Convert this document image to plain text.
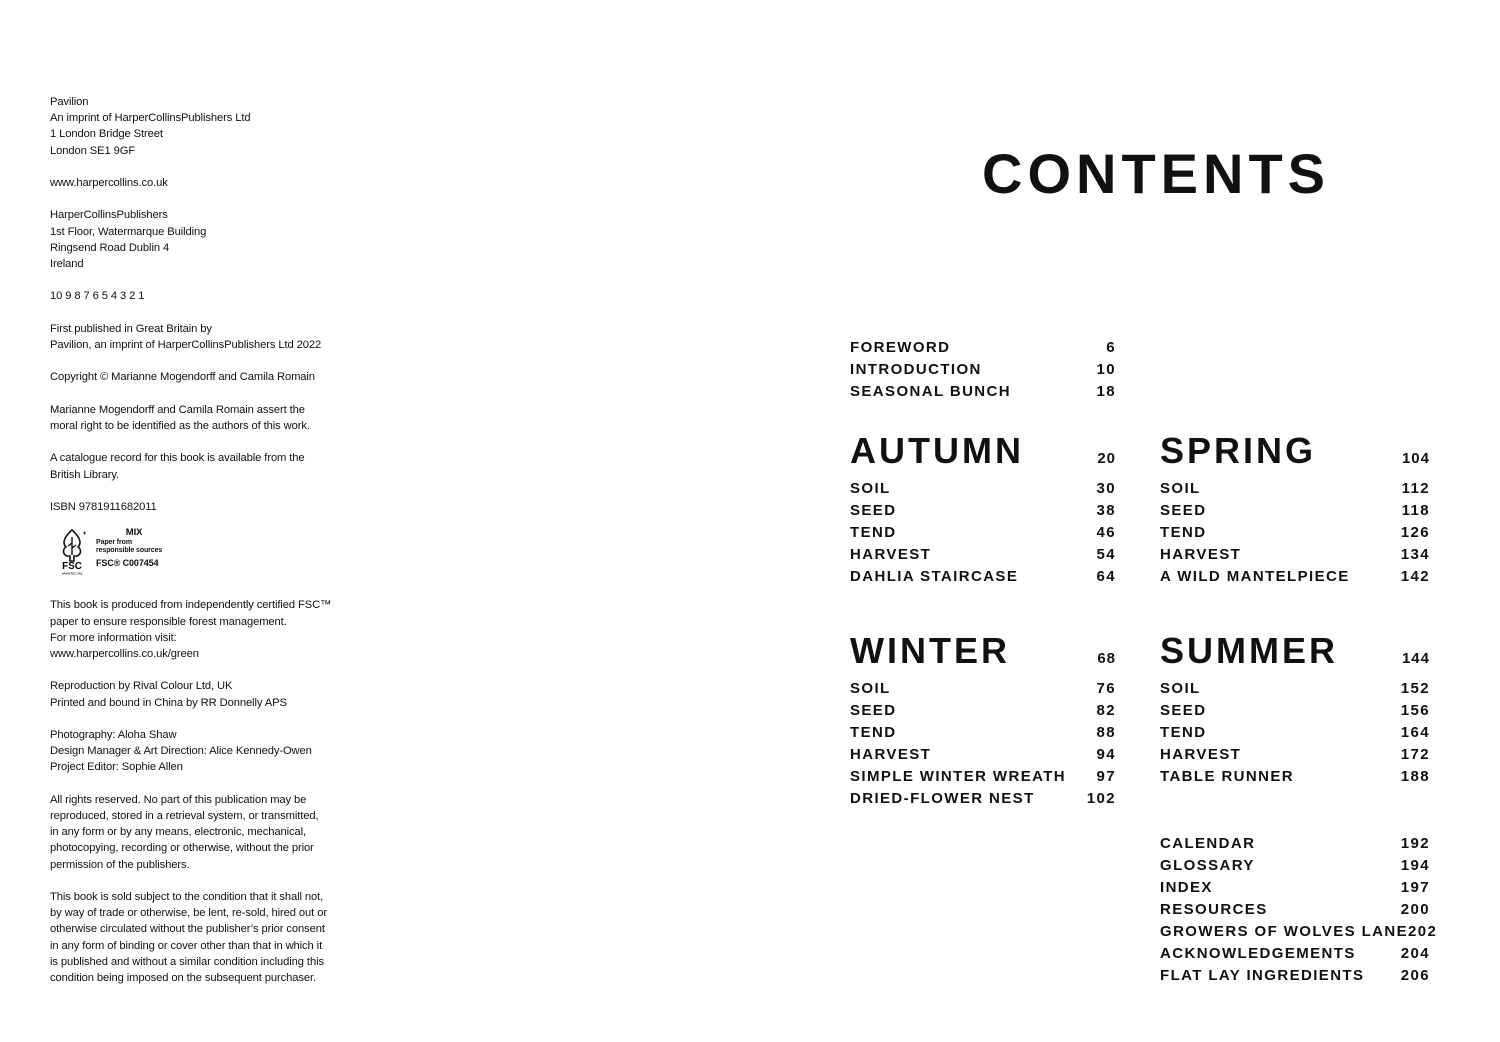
Pavilion
An imprint of HarperCollinsPublishers Ltd
1 London Bridge Street
London SE1 9GF

www.harpercollins.co.uk

HarperCollinsPublishers
1st Floor, Watermarque Building
Ringsend Road Dublin 4
Ireland

10 9 8 7 6 5 4 3 2 1

First published in Great Britain by
Pavilion, an imprint of HarperCollinsPublishers Ltd 2022

Copyright © Marianne Mogendorff and Camila Romain

Marianne Mogendorff and Camila Romain assert the
moral right to be identified as the authors of this work.

A catalogue record for this book is available from the
British Library.

ISBN 9781911682011

FSC
www.fsc.org
MIX
Paper from
responsible sources
FSC® C007454

This book is produced from independently certified FSC™
paper to ensure responsible forest management.
For more information visit:
www.harpercollins.co.uk/green

Reproduction by Rival Colour Ltd, UK
Printed and bound in China by RR Donnelly APS

Photography: Aloha Shaw
Design Manager & Art Direction: Alice Kennedy-Owen
Project Editor: Sophie Allen

All rights reserved. No part of this publication may be
reproduced, stored in a retrieval system, or transmitted,
in any form or by any means, electronic, mechanical,
photocopying, recording or otherwise, without the prior
permission of the publishers.

This book is sold subject to the condition that it shall not,
by way of trade or otherwise, be lent, re-sold, hired out or
otherwise circulated without the publisher’s prior consent
in any form of binding or cover other than that in which it
is published and without a similar condition including this
condition being imposed on the subsequent purchaser.

CONTENTS
FOREWORD	6
INTRODUCTION	10
SEASONAL BUNCH	18
AUTUMN	20
SOIL	30
SEED	38
TEND	46
HARVEST	54
DAHLIA STAIRCASE	64
SPRING	104
SOIL	112
SEED	118
TEND	126
HARVEST	134
A WILD MANTELPIECE	142
WINTER	68
SOIL	76
SEED	82
TEND	88
HARVEST	94
SIMPLE WINTER WREATH 97
DRIED-FLOWER NEST	102
SUMMER	144
SOIL	152
SEED	156
TEND	164
HARVEST	172
TABLE RUNNER	188
CALENDAR	192
GLOSSARY	194
INDEX	197
RESOURCES	200
GROWERS OF WOLVES LANE 202
ACKNOWLEDGEMENTS	204
FLAT LAY INGREDIENTS 206
